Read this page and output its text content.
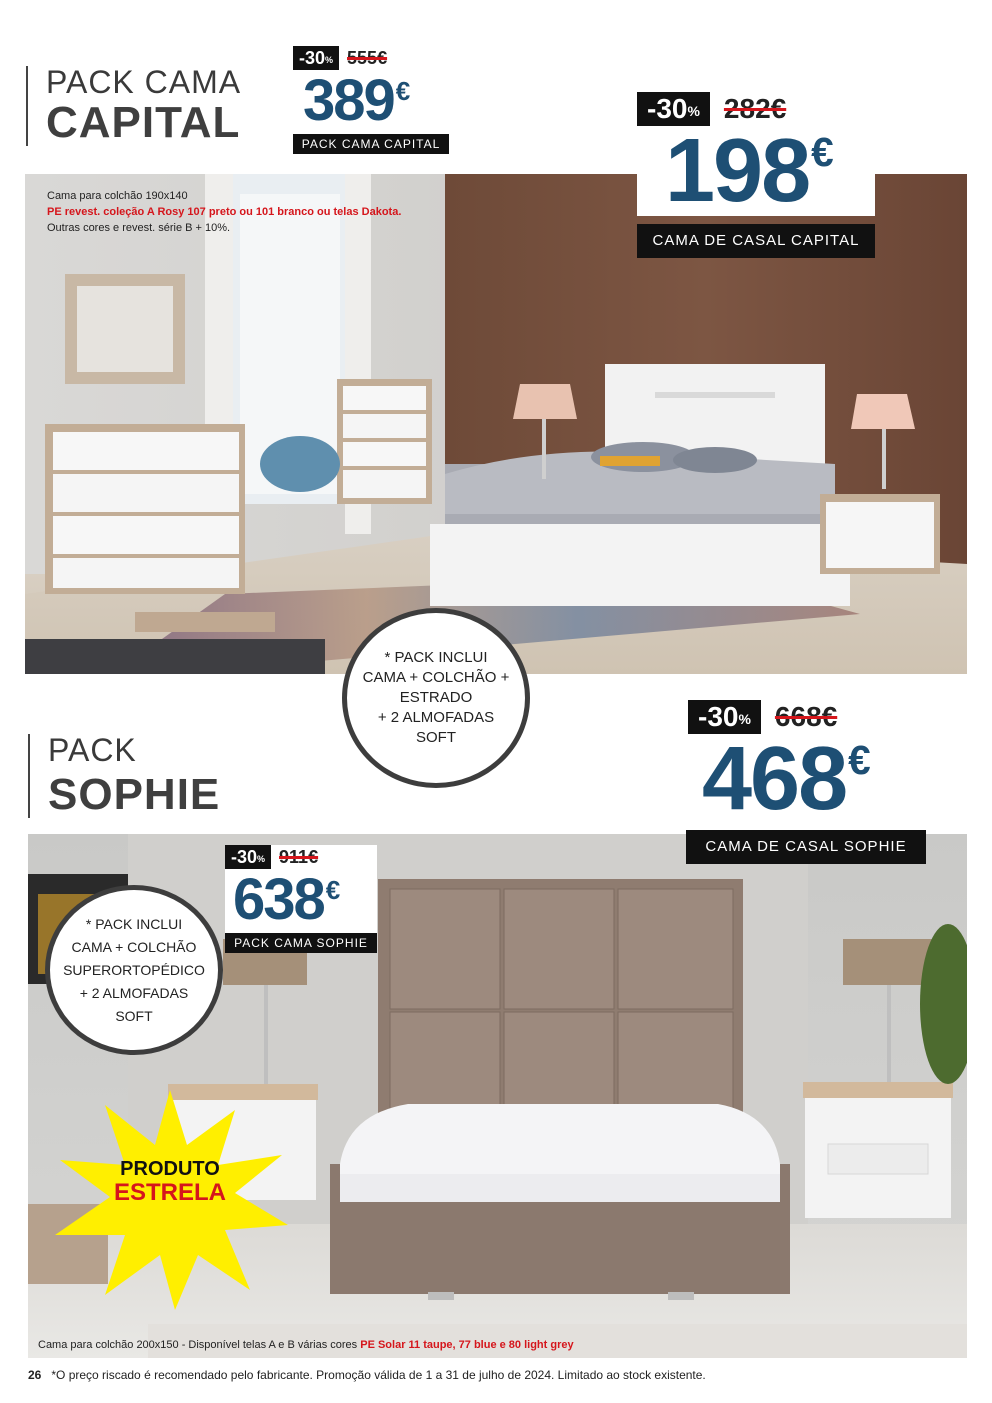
PACK CAMA
CAPITAL
-30% 555€
389€
PACK CAMA CAPITAL
Cama para colchão 190x140
PE revest. coleção A Rosy 107 preto ou 101 branco ou telas Dakota.
Outras cores e revest. série B + 10%.
-30% 282€
198€
CAMA DE CASAL CAPITAL
* PACK INCLUI
CAMA + COLCHÃO +
ESTRADO
+ 2 ALMOFADAS
SOFT
PACK
SOPHIE
-30% 668€
468€
-30% 911€
638€
PACK CAMA SOPHIE
CAMA DE CASAL SOPHIE
* PACK INCLUI
CAMA + COLCHÃO
SUPERORTOPÉDICO
+ 2 ALMOFADAS
SOFT
PRODUTO
ESTRELA
Cama para colchão 200x150 - Disponível telas A e B várias cores PE Solar 11 taupe, 77 blue e 80 light grey
26 *O preço riscado é recomendado pelo fabricante. Promoção válida de 1 a 31 de julho de 2024. Limitado ao stock existente.
